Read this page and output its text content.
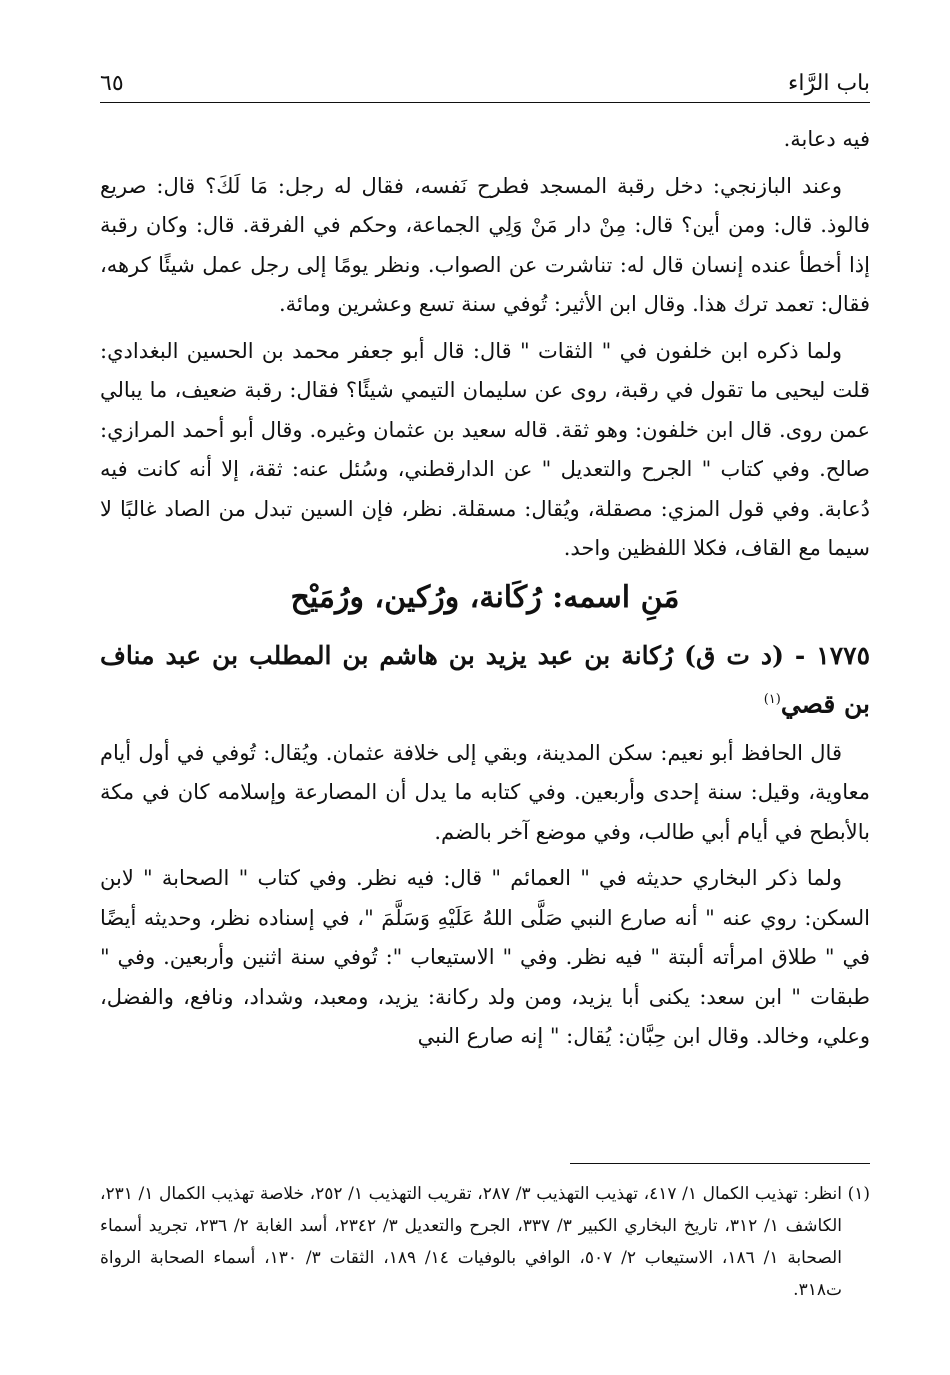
باب الرَّاء
٦٥

فيه دعابة.

وعند البازنجي: دخل رقبة المسجد فطرح نَفسه، فقال له رجل: مَا لَكَ؟ قال: صريع فالوذ. قال: ومن أين؟ قال: مِنْ دار مَنْ وَلِي الجماعة، وحكم في الفرقة. قال: وكان رقبة إذا أخطأ عنده إنسان قال له: تناشرت عن الصواب. ونظر يومًا إلى رجل عمل شيئًا كرهه، فقال: تعمد ترك هذا. وقال ابن الأثير: تُوفي سنة تسع وعشرين ومائة.

ولما ذكره ابن خلفون في " الثقات " قال: قال أبو جعفر محمد بن الحسين البغدادي: قلت ليحيى ما تقول في رقبة، روى عن سليمان التيمي شيئًا؟ فقال: رقبة ضعيف، ما يبالي عمن روى. قال ابن خلفون: وهو ثقة. قاله سعيد بن عثمان وغيره. وقال أبو أحمد المرازي: صالح. وفي كتاب " الجرح والتعديل " عن الدارقطني، وسُئل عنه: ثقة، إلا أنه كانت فيه دُعابة. وفي قول المزي: مصقلة، ويُقال: مسقلة. نظر، فإن السين تبدل من الصاد غالبًا لا سيما مع القاف، فكلا اللفظين واحد.

مَنِ اسمه: رُكَانة، ورُكين، ورُمَيْح
١٧٧٥ - (د ت ق) رُكانة بن عبد يزيد بن هاشم بن المطلب بن عبد مناف بن قصي$^{(١)}$

قال الحافظ أبو نعيم: سكن المدينة، وبقي إلى خلافة عثمان. ويُقال: تُوفي في أول أيام معاوية، وقيل: سنة إحدى وأربعين. وفي كتابه ما يدل أن المصارعة وإسلامه كان في مكة بالأبطح في أيام أبي طالب، وفي موضع آخر بالضم.

ولما ذكر البخاري حديثه في " العمائم " قال: فيه نظر. وفي كتاب " الصحابة " لابن السكن: روي عنه " أنه صارع النبي صَلَّى اللهُ عَلَيْهِ وَسَلَّمَ "، في إسناده نظر، وحديثه أيضًا في " طلاق امرأته ألبتة " فيه نظر. وفي " الاستيعاب ": تُوفي سنة اثنين وأربعين. وفي " طبقات " ابن سعد: يكنى أبا يزيد، ومن ولد ركانة: يزيد، ومعبد، وشداد، ونافع، والفضل، وعلي، وخالد. وقال ابن حِبَّان: يُقال: " إنه صارع النبي

(١) انظر: تهذيب الكمال ١/ ٤١٧، تهذيب التهذيب ٣/ ٢٨٧، تقريب التهذيب ١/ ٢٥٢، خلاصة تهذيب الكمال ١/ ٢٣١، الكاشف ١/ ٣١٢، تاريخ البخاري الكبير ٣/ ٣٣٧، الجرح والتعديل ٣/ ٢٣٤٢، أسد الغابة ٢/ ٢٣٦، تجريد أسماء الصحابة ١/ ١٨٦، الاستيعاب ٢/ ٥٠٧، الوافي بالوفيات ١٤/ ١٨٩، الثقات ٣/ ١٣٠، أسماء الصحابة الرواة ت٣١٨.
